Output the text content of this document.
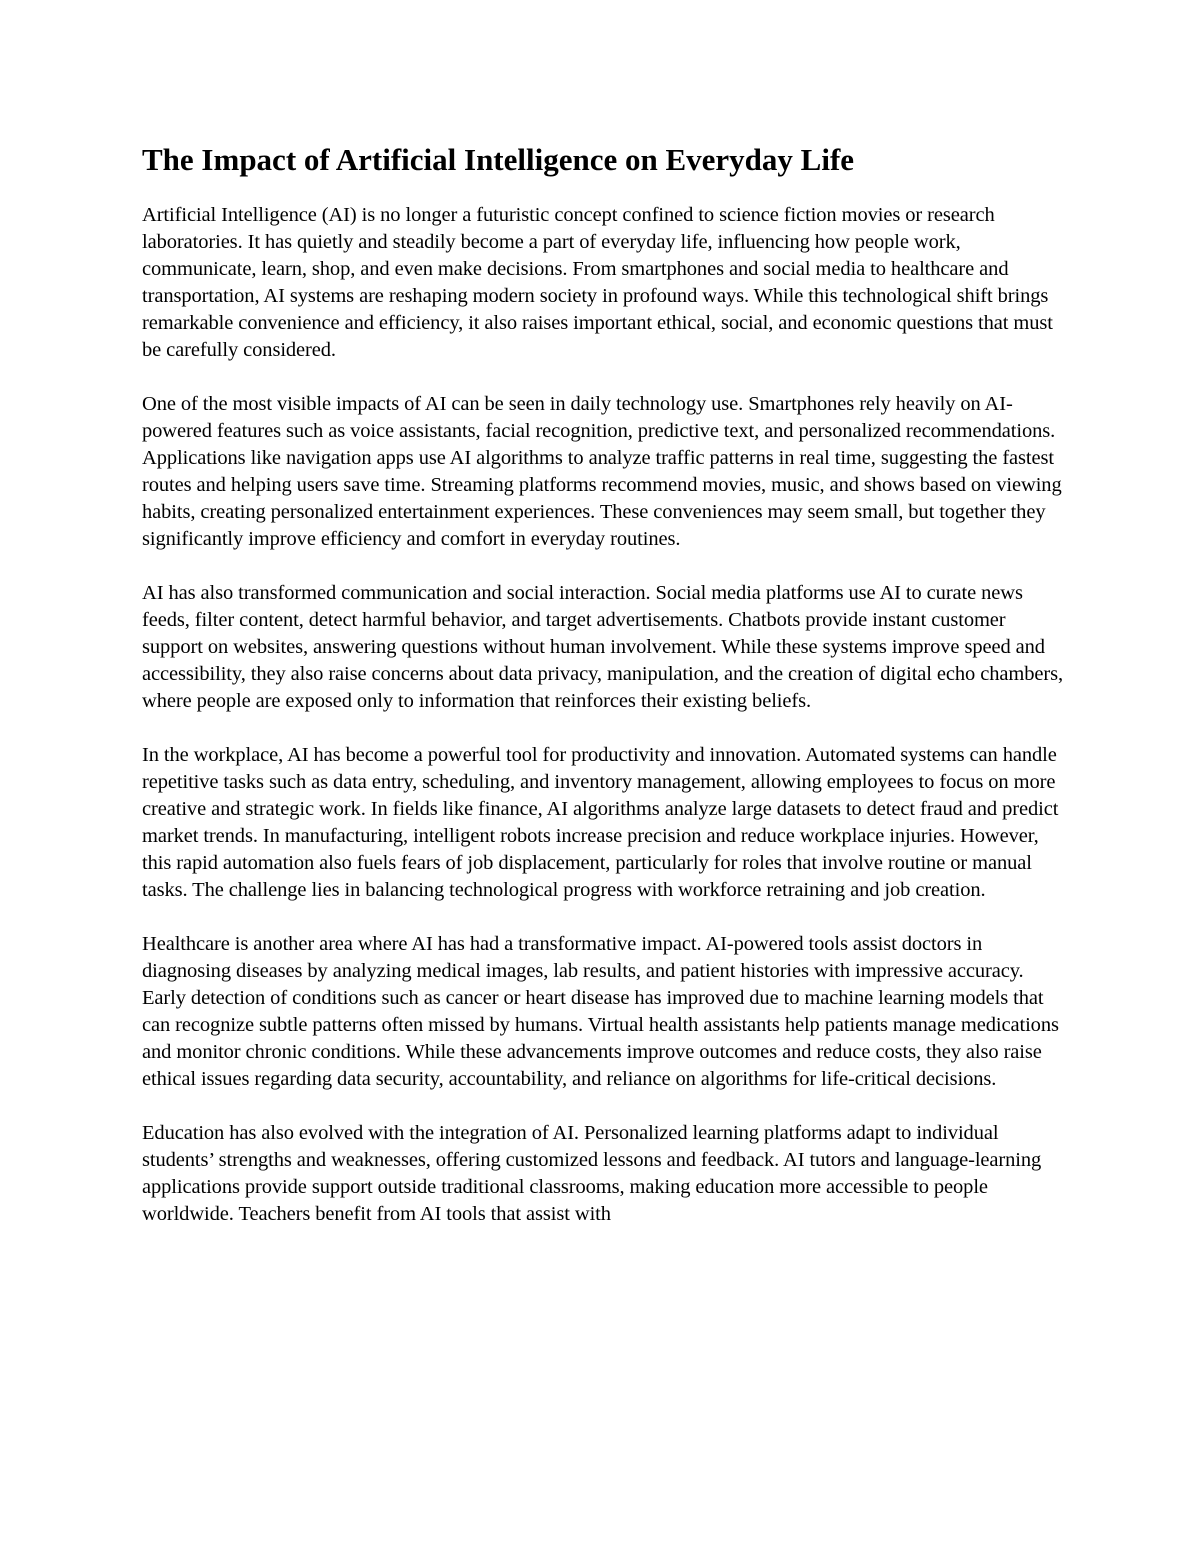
The Impact of Artificial Intelligence on Everyday Life

Artificial Intelligence (AI) is no longer a futuristic concept confined to science fiction movies or research laboratories. It has quietly and steadily become a part of everyday life, influencing how people work, communicate, learn, shop, and even make decisions. From smartphones and social media to healthcare and transportation, AI systems are reshaping modern society in profound ways. While this technological shift brings remarkable convenience and efficiency, it also raises important ethical, social, and economic questions that must be carefully considered.

One of the most visible impacts of AI can be seen in daily technology use. Smartphones rely heavily on AI-powered features such as voice assistants, facial recognition, predictive text, and personalized recommendations. Applications like navigation apps use AI algorithms to analyze traffic patterns in real time, suggesting the fastest routes and helping users save time. Streaming platforms recommend movies, music, and shows based on viewing habits, creating personalized entertainment experiences. These conveniences may seem small, but together they significantly improve efficiency and comfort in everyday routines.

AI has also transformed communication and social interaction. Social media platforms use AI to curate news feeds, filter content, detect harmful behavior, and target advertisements. Chatbots provide instant customer support on websites, answering questions without human involvement. While these systems improve speed and accessibility, they also raise concerns about data privacy, manipulation, and the creation of digital echo chambers, where people are exposed only to information that reinforces their existing beliefs.

In the workplace, AI has become a powerful tool for productivity and innovation. Automated systems can handle repetitive tasks such as data entry, scheduling, and inventory management, allowing employees to focus on more creative and strategic work. In fields like finance, AI algorithms analyze large datasets to detect fraud and predict market trends. In manufacturing, intelligent robots increase precision and reduce workplace injuries. However, this rapid automation also fuels fears of job displacement, particularly for roles that involve routine or manual tasks. The challenge lies in balancing technological progress with workforce retraining and job creation.

Healthcare is another area where AI has had a transformative impact. AI-powered tools assist doctors in diagnosing diseases by analyzing medical images, lab results, and patient histories with impressive accuracy. Early detection of conditions such as cancer or heart disease has improved due to machine learning models that can recognize subtle patterns often missed by humans. Virtual health assistants help patients manage medications and monitor chronic conditions. While these advancements improve outcomes and reduce costs, they also raise ethical issues regarding data security, accountability, and reliance on algorithms for life-critical decisions.

Education has also evolved with the integration of AI. Personalized learning platforms adapt to individual students’ strengths and weaknesses, offering customized lessons and feedback. AI tutors and language-learning applications provide support outside traditional classrooms, making education more accessible to people worldwide. Teachers benefit from AI tools that assist with
